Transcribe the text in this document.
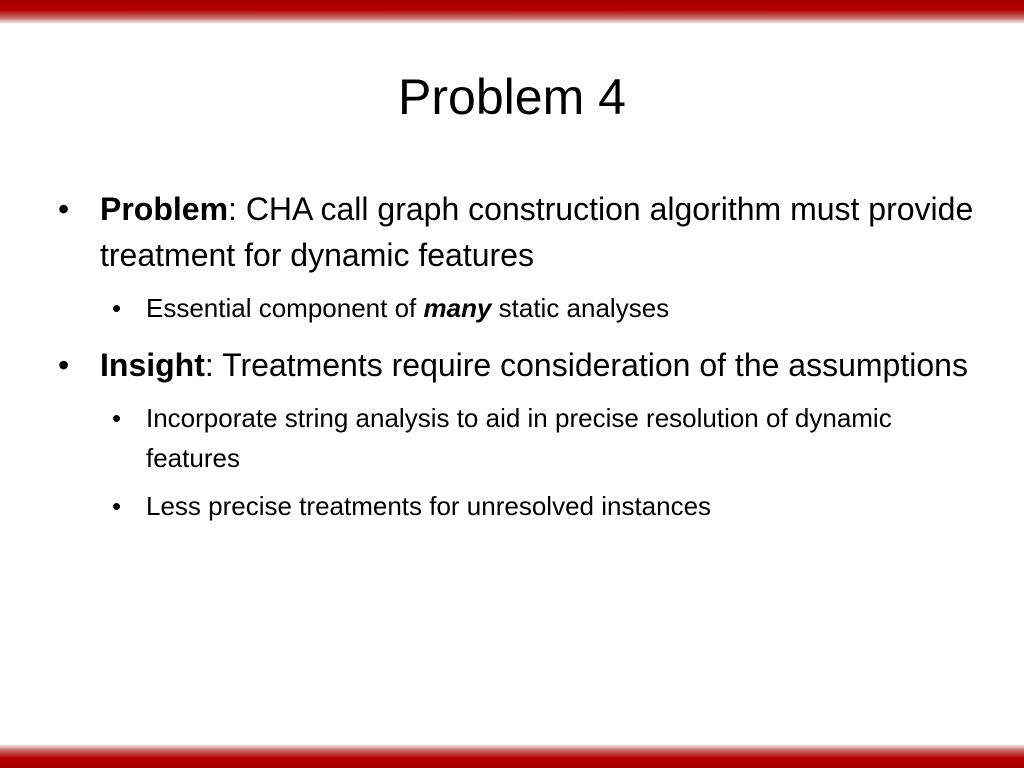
Problem 4
• Problem: CHA call graph construction algorithm must provide treatment for dynamic features
• Essential component of many static analyses
• Insight: Treatments require consideration of the assumptions
• Incorporate string analysis to aid in precise resolution of dynamic features
• Less precise treatments for unresolved instances
